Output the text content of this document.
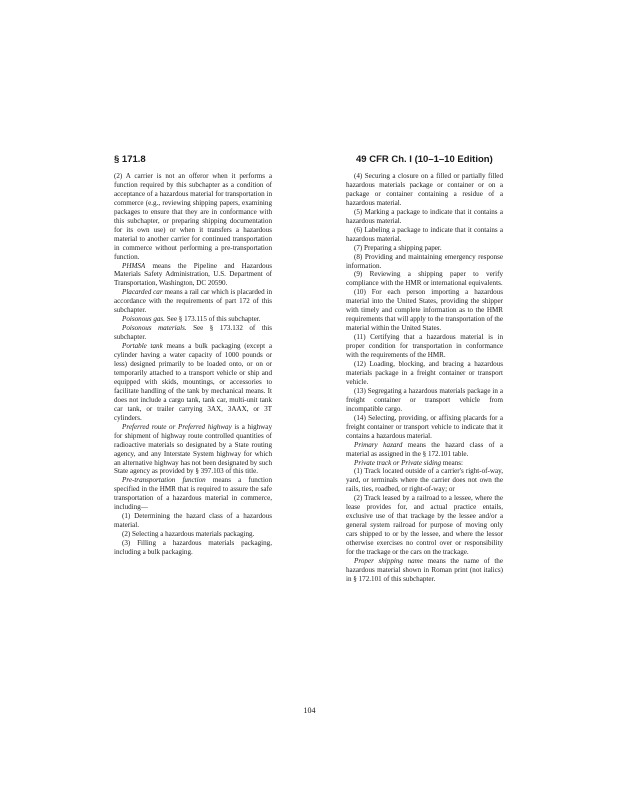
§ 171.8	49 CFR Ch. I (10–1–10 Edition)

(2) A carrier is not an offeror when it performs a function required by this subchapter as a condition of acceptance of a hazardous material for transportation in commerce (e.g., reviewing shipping papers, examining packages to ensure that they are in conformance with this subchapter, or preparing shipping documentation for its own use) or when it transfers a hazardous material to another carrier for continued transportation in commerce without performing a pre-transportation function.

PHMSA means the Pipeline and Hazardous Materials Safety Administration, U.S. Department of Transportation, Washington, DC 20590.

Placarded car means a rail car which is placarded in accordance with the requirements of part 172 of this subchapter.

Poisonous gas. See § 173.115 of this subchapter.

Poisonous materials. See § 173.132 of this subchapter.

Portable tank means a bulk packaging (except a cylinder having a water capacity of 1000 pounds or less) designed primarily to be loaded onto, or on or temporarily attached to a transport vehicle or ship and equipped with skids, mountings, or accessories to facilitate handling of the tank by mechanical means. It does not include a cargo tank, tank car, multi-unit tank car tank, or trailer carrying 3AX, 3AAX, or 3T cylinders.

Preferred route or Preferred highway is a highway for shipment of highway route controlled quantities of radioactive materials so designated by a State routing agency, and any Interstate System highway for which an alternative highway has not been designated by such State agency as provided by § 397.103 of this title.

Pre-transportation function means a function specified in the HMR that is required to assure the safe transportation of a hazardous material in commerce, including—

(1) Determining the hazard class of a hazardous material.

(2) Selecting a hazardous materials packaging.

(3) Filling a hazardous materials packaging, including a bulk packaging.

(4) Securing a closure on a filled or partially filled hazardous materials package or container or on a package or container containing a residue of a hazardous material.

(5) Marking a package to indicate that it contains a hazardous material.

(6) Labeling a package to indicate that it contains a hazardous material.

(7) Preparing a shipping paper.

(8) Providing and maintaining emergency response information.

(9) Reviewing a shipping paper to verify compliance with the HMR or international equivalents.

(10) For each person importing a hazardous material into the United States, providing the shipper with timely and complete information as to the HMR requirements that will apply to the transportation of the material within the United States.

(11) Certifying that a hazardous material is in proper condition for transportation in conformance with the requirements of the HMR.

(12) Loading, blocking, and bracing a hazardous materials package in a freight container or transport vehicle.

(13) Segregating a hazardous materials package in a freight container or transport vehicle from incompatible cargo.

(14) Selecting, providing, or affixing placards for a freight container or transport vehicle to indicate that it contains a hazardous material.

Primary hazard means the hazard class of a material as assigned in the § 172.101 table.

Private track or Private siding means:

(1) Track located outside of a carrier's right-of-way, yard, or terminals where the carrier does not own the rails, ties, roadbed, or right-of-way; or

(2) Track leased by a railroad to a lessee, where the lease provides for, and actual practice entails, exclusive use of that trackage by the lessee and/or a general system railroad for purpose of moving only cars shipped to or by the lessee, and where the lessor otherwise exercises no control over or responsibility for the trackage or the cars on the trackage.

Proper shipping name means the name of the hazardous material shown in Roman print (not italics) in § 172.101 of this subchapter.

104
